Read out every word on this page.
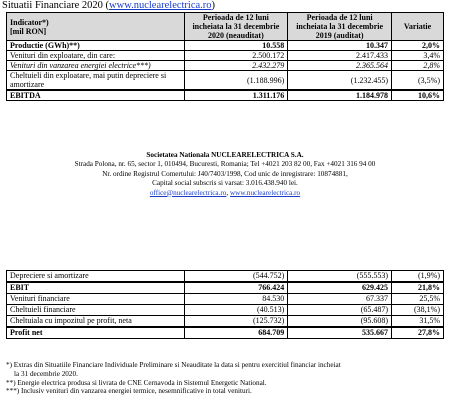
Situatii Financiare 2020 (www.nuclearelectrica.ro)
Indicator*)
[mil RON]	Perioada de 12 luni incheiata la 31 decembrie 2020 (neauditat)	Perioada de 12 luni incheiata la 31 decembrie 2019 (auditat)	Variatie
Productie (GWh)**)	10.558	10.347	2,0%
Venituri din exploatare, din care:	2.500.172	2.417.433	3,4%
Venituri din vanzarea energiei electrice***)	2.432.279	2.365.564	2,8%
Cheltuieli din exploatare, mai putin depreciere si amortizare	(1.188.996)	(1.232.455)	(3,5%)
EBITDA	1.311.176	1.184.978	10,6%
Societatea Nationala NUCLEARELECTRICA S.A.
Strada Polona, nr. 65, sector 1, 010494, Bucuresti, Romania; Tel +4021 203 82 00, Fax +4021 316 94 00
Nr. ordine Registrul Comertului: J40/7403/1998, Cod unic de inregistrare: 10874881,
Capital social subscris si varsat: 3.016.438.940 lei.
office@nuclearelectrica.ro, www.nuclearelectrica.ro
Depreciere si amortizare	(544.752)	(555.553)	(1,9%)
EBIT	766.424	629.425	21,8%
Venituri financiare	84.530	67.337	25,5%
Cheltuieli financiare	(40.513)	(65.487)	(38,1%)
Cheltuiala cu impozitul pe profit, neta	(125.732)	(95.608)	31,5%
Profit net	684.709	535.667	27,8%
*) Extras din Situatiile Financiare Individuale Preliminare si Neauditate la data si pentru exercitiul financiar incheiat
la 31 decembrie 2020.
**) Energie electrica produsa si livrata de CNE Cernavoda in Sistemul Energetic National.
***) Inclusiv venituri din vanzarea energiei termice, nesemnificative in total venituri.
